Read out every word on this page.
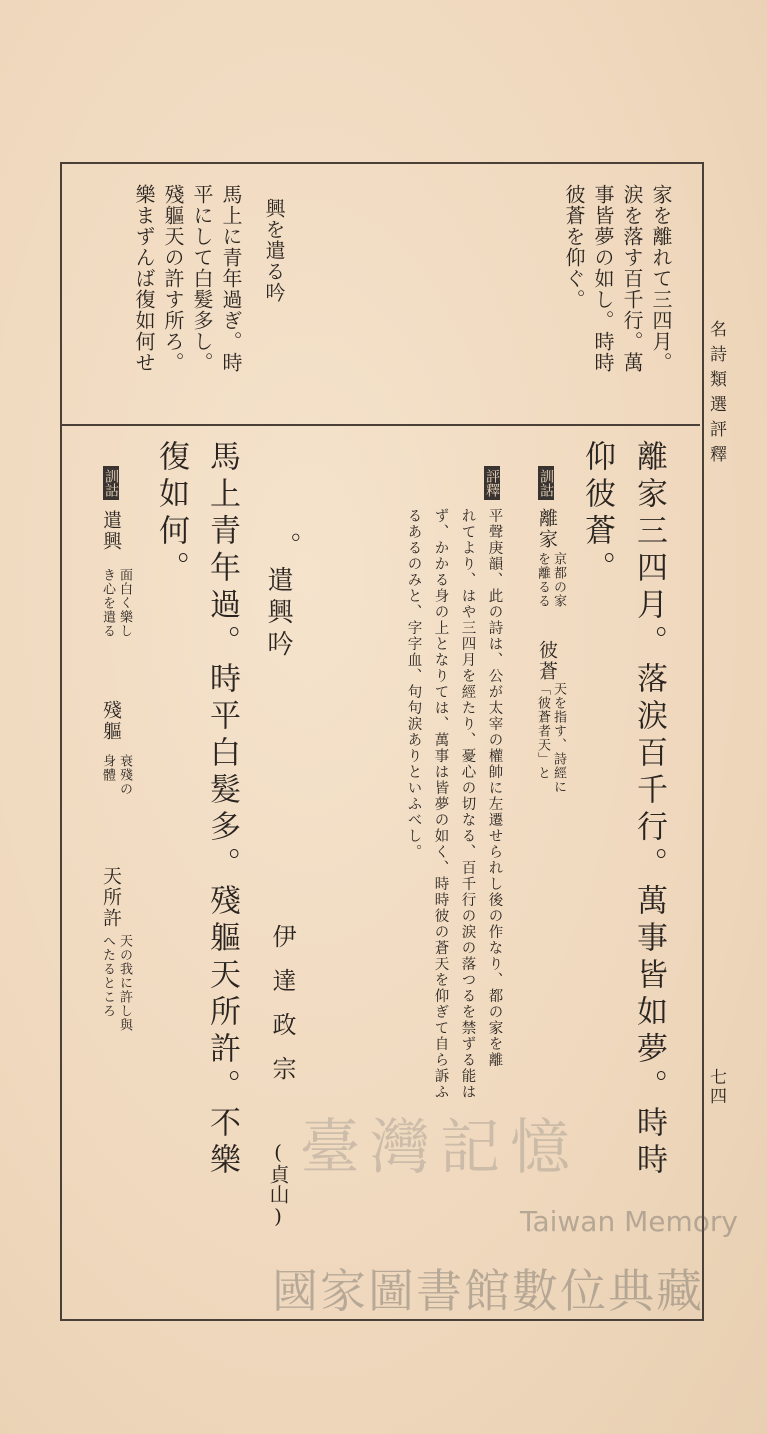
名詩類選評釋
七四
家を離れて三四月。
涙を落す百千行。萬
事皆夢の如し。時時
彼蒼を仰ぐ。
興を遣る吟
馬上に青年過ぎ。時
平にして白髮多し。
殘軀天の許す所ろ。
樂まずんば復如何せ
離家三四月。落涙百千行。萬事皆如夢。時時
仰彼蒼。
訓詁
離家
京都の家
を離るる
彼蒼
天を指す、詩經に
「彼蒼者天」と
評釋
平聲庚韻、此の詩は、公が太宰の權帥に左遷せられし後の作なり、都の家を離
れてより、はや三四月を經たり、憂心の切なる、百千行の涙の落つるを禁ずる能は
ず、かかる身の上となりては、萬事は皆夢の如く、時時彼の蒼天を仰ぎて自ら訴ふ
るあるのみと、字字血、句句涙ありといふべし。
。
遣興吟
伊達政宗
(貞山)
馬上青年過。時平白髮多。殘軀天所許。不樂
復如何。
訓詁
遣興
面白く樂し
き心を遣る
殘軀
衰殘の
身體
天所許
天の我に許し與
へたるところ
臺灣記憶
Taiwan Memory
國家圖書館數位典藏
